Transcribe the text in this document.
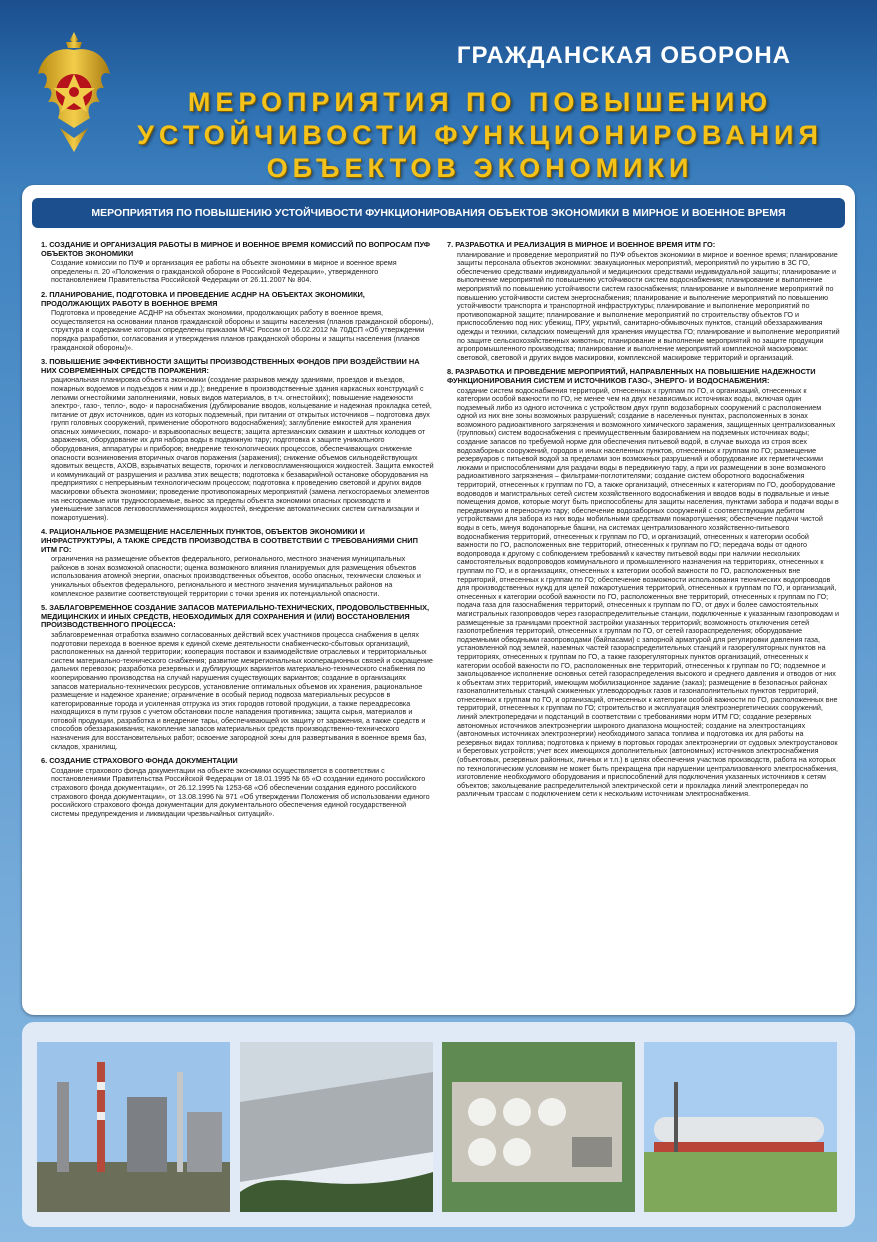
ГРАЖДАНСКАЯ ОБОРОНА
МЕРОПРИЯТИЯ ПО ПОВЫШЕНИЮ
УСТОЙЧИВОСТИ ФУНКЦИОНИРОВАНИЯ
ОБЪЕКТОВ ЭКОНОМИКИ
МЕРОПРИЯТИЯ ПО ПОВЫШЕНИЮ УСТОЙЧИВОСТИ ФУНКЦИОНИРОВАНИЯ ОБЪЕКТОВ ЭКОНОМИКИ В МИРНОЕ И ВОЕННОЕ ВРЕМЯ
1. СОЗДАНИЕ И ОРГАНИЗАЦИЯ РАБОТЫ В МИРНОЕ И ВОЕННОЕ ВРЕМЯ КОМИССИЙ ПО ВОПРОСАМ ПУФ ОБЪЕКТОВ ЭКОНОМИКИ

Создание комиссии по ПУФ и организация ее работы на объекте экономики в мирное и военное время определены п. 20 «Положения о гражданской обороне в Российской Федерации», утвержденного постановлением Правительства Российской Федерации от 26.11.2007 № 804.

2. ПЛАНИРОВАНИЕ, ПОДГОТОВКА И ПРОВЕДЕНИЕ АСДНР НА ОБЪЕКТАХ ЭКОНОМИКИ, ПРОДОЛЖАЮЩИХ РАБОТУ В ВОЕННОЕ ВРЕМЯ

Подготовка и проведение АСДНР на объектах экономики, продолжающих работу в военное время, осуществляется на основании планов гражданской обороны и защиты населения (планов гражданской обороны), структура и содержание которых определены приказом МЧС России от 16.02.2012 № 70ДСП «Об утверждении порядка разработки, согласования и утверждения планов гражданской обороны и защиты населения (планов гражданской обороны)».

3. ПОВЫШЕНИЕ ЭФФЕКТИВНОСТИ ЗАЩИТЫ ПРОИЗВОДСТВЕННЫХ ФОНДОВ ПРИ ВОЗДЕЙСТВИИ НА НИХ СОВРЕМЕННЫХ СРЕДСТВ ПОРАЖЕНИЯ:

рациональная планировка объекта экономики (создание разрывов между зданиями, проездов и въездов, пожарных водоемов и подъездов к ним и др.); внедрение в производственные здания каркасных конструкций с легкими огнестойкими заполнениями, новых видов материалов, в т.ч. огнестойких); повышение надежности электро-, газо-, тепло-, водо- и пароснабжения (дублирование вводов, кольцевание и надежная прокладка сетей, питание от двух источников, один из которых подземный, при питании от открытых источников – подготовка двух групп головных сооружений, применение оборотного водоснабжения); заглубление емкостей для хранения опасных химических, пожаро- и взрывоопасных веществ; защита артезианских скважин и шахтных колодцев от заражения, оборудование их для набора воды в подвижную тару; подготовка к защите уникального оборудования, аппаратуры и приборов; внедрение технологических процессов, обеспечивающих снижение опасности возникновения вторичных очагов поражения (заражения); снижение объемов сильнодействующих ядовитых веществ, АХОВ, взрывчатых веществ, горючих и легковоспламеняющихся жидкостей. Защита емкостей и коммуникаций от разрушения и разлива этих веществ; подготовка к безаварийной остановке оборудования на предприятиях с непрерывным технологическим процессом; подготовка к проведению световой и других видов маскировки объекта экономики; проведение противопожарных мероприятий (замена легкосгораемых элементов на несгораемые или трудносгораемые, вынос за пределы объекта экономики опасных производств и уменьшение запасов легковоспламеняющихся жидкостей, внедрение автоматических систем сигнализации и пожаротушения).

4. РАЦИОНАЛЬНОЕ РАЗМЕЩЕНИЕ НАСЕЛЕННЫХ ПУНКТОВ, ОБЪЕКТОВ ЭКОНОМИКИ И ИНФРАСТРУКТУРЫ, А ТАКЖЕ СРЕДСТВ ПРОИЗВОДСТВА В СООТВЕТСТВИИ С ТРЕБОВАНИЯМИ СНИП ИТМ ГО:

ограничения на размещение объектов федерального, регионального, местного значения муниципальных районов в зонах возможной опасности; оценка возможного влияния планируемых для размещения объектов использования атомной энергии, опасных производственных объектов, особо опасных, технически сложных и уникальных объектов федерального, регионального и местного значения муниципальных районов на комплексное развитие соответствующей территории с точки зрения их потенциальной опасности.

5. ЗАБЛАГОВРЕМЕННОЕ СОЗДАНИЕ ЗАПАСОВ МАТЕРИАЛЬНО-ТЕХНИЧЕСКИХ, ПРОДОВОЛЬСТВЕННЫХ, МЕДИЦИНСКИХ И ИНЫХ СРЕДСТВ, НЕОБХОДИМЫХ ДЛЯ СОХРАНЕНИЯ И (ИЛИ) ВОССТАНОВЛЕНИЯ ПРОИЗВОДСТВЕННОГО ПРОЦЕССА:

заблаговременная отработка взаимно согласованных действий всех участников процесса снабжения в целях подготовки перехода в военное время к единой схеме деятельности снабженческо-сбытовых организаций, расположенных на данной территории; кооперация поставок и взаимодействие отраслевых и территориальных систем материально-технического снабжения; развитие межрегиональных кооперационных связей и сокращение дальних перевозок; разработка резервных и дублирующих вариантов материально-технического снабжения по кооперированию производства на случай нарушения существующих вариантов; создание в организациях запасов материально-технических ресурсов, установление оптимальных объемов их хранения, рациональное размещение и надежное хранение; ограничение в особый период подвоза материальных ресурсов в категорированные города и усиленная отгрузка из этих городов готовой продукции, а также переадресовка находящихся в пути грузов с учетом обстановки после нападения противника; защита сырья, материалов и готовой продукции, разработка и внедрение тары, обеспечивающей их защиту от заражения, а также средств и способов обеззараживания; накопление запасов материальных средств производственно-технического назначения для восстановительных работ; освоение загородной зоны для развертывания в военное время баз, складов, хранилищ.

6. СОЗДАНИЕ СТРАХОВОГО ФОНДА ДОКУМЕНТАЦИИ

Создание страхового фонда документации на объекте экономики осуществляется в соответствии с постановлениями Правительства Российской Федерации от 18.01.1995 № 65 «О создании единого российского страхового фонда документации», от 26.12.1995 № 1253-68 «Об обеспечении создания единого российского страхового фонда документации», от 13.08.1996 № 971 «Об утверждении Положения об использовании единого российского страхового фонда документации для документального обеспечения единой государственной системы предупреждения и ликвидации чрезвычайных ситуаций».

7. РАЗРАБОТКА И РЕАЛИЗАЦИЯ В МИРНОЕ И ВОЕННОЕ ВРЕМЯ ИТМ ГО:

планирование и проведение мероприятий по ПУФ объектов экономики в мирное и военное время; планирование защиты персонала объектов экономики: эвакуационных мероприятий, мероприятий по укрытию в ЗС ГО, обеспечению средствами индивидуальной и медицинских средствами индивидуальной защиты; планирование и выполнение мероприятий по повышению устойчивости систем водоснабжения; планирование и выполнение мероприятий по повышению устойчивости систем газоснабжения; планирование и выполнение мероприятий по повышению устойчивости систем энергоснабжения; планирование и выполнение мероприятий по повышению устойчивости транспорта и транспортной инфраструктуры; планирование и выполнение мероприятий по противопожарной защите; планирование и выполнение мероприятий по строительству объектов ГО и приспособлению под них: убежищ, ПРУ, укрытий, санитарно-обмывочных пунктов, станций обеззараживания одежды и техники, складских помещений для хранения имущества ГО; планирование и выполнение мероприятий по защите сельскохозяйственных животных; планирование и выполнение мероприятий по защите продукции агропромышленного производства; планирование и выполнение мероприятий комплексной маскировки: световой, световой и других видов маскировки, комплексной маскировке территорий и организаций.

8. РАЗРАБОТКА И ПРОВЕДЕНИЕ МЕРОПРИЯТИЙ, НАПРАВЛЕННЫХ НА ПОВЫШЕНИЕ НАДЕЖНОСТИ ФУНКЦИОНИРОВАНИЯ СИСТЕМ И ИСТОЧНИКОВ ГАЗО-, ЭНЕРГО- И ВОДОСНАБЖЕНИЯ:

создание систем водоснабжения территорий, отнесенных к группам по ГО, и организаций, отнесенных к категории особой важности по ГО, не менее чем на двух независимых источниках воды, включая один подземный либо из одного источника с устройством двух групп водозаборных сооружений с расположением одной из них вне зоны возможных разрушений; создание в населенных пунктах, расположенных в зонах возможного радиоактивного загрязнения и возможного химического заражения, защищенных централизованных (групповых) систем водоснабжения с преимущественным базированием на подземных источниках воды; создание запасов по требуемой норме для обеспечения питьевой водой, в случае выхода из строя всех водозаборных сооружений, городов и иных населенных пунктов, отнесенных к группам по ГО; размещение резервуаров с питьевой водой за пределами зон возможных разрушений и оборудование их герметическими люками и приспособлениями для раздачи воды в передвижную тару, а при их размещении в зоне возможного радиоактивного загрязнения – фильтрами-поглотителями; создание систем оборотного водоснабжения территорий, отнесенных к группам по ГО, а также организаций, отнесенных к категориям по ГО, дооборудование водоводов и магистральных сетей систем хозяйственного водоснабжения и вводов воды в подвальные и иные помещения домов, которые могут быть приспособлены для защиты населения, пунктами забора и подачи воды в передвижную и переносную тару; обеспечение водозаборных сооружений с соответствующим дебитом устройствами для забора из них воды мобильными средствами пожаротушения; обеспечение подачи чистой воды в сеть, минуя водонапорные башни, на системах централизованного хозяйственно-питьевого водоснабжения территорий, отнесенных к группам по ГО, и организаций, отнесенных к категории особой важности по ГО, расположенных вне территорий, отнесенных к группам по ГО; передача воды от одного водопровода к другому с соблюдением требований к качеству питьевой воды при наличии нескольких самостоятельных водопроводов коммунального и промышленного назначения на территориях, отнесенных к группам по ГО, и в организациях, отнесенных к категории особой важности по ГО, расположенных вне территорий, отнесенных к группам по ГО; обеспечение возможности использования технических водопроводов для производственных нужд для целей пожаротушения территорий, отнесенных к группам по ГО, и организаций, отнесенных к категории особой важности по ГО, расположенных вне территорий, отнесенных к группам по ГО; подача газа для газоснабжения территорий, отнесенных к группам по ГО, от двух и более самостоятельных магистральных газопроводов через газораспределительные станции, подключенные к указанным газопроводам и размещенные за границами проектной застройки указанных территорий; возможность отключения сетей газопотребления территорий, отнесенных к группам по ГО, от сетей газораспределения; оборудование подземными обводными газопроводами (байпасами) с запорной арматурой для регулировки давления газа, установленной под землей, наземных частей газораспределительных станций и газорегуляторных пунктов на территориях, отнесенных к группам по ГО, а также газорегуляторных пунктов организаций, отнесенных к категории особой важности по ГО, расположенных вне территорий, отнесенных к группам по ГО; подземное и закольцованное исполнение основных сетей газораспределения высокого и среднего давления и отводов от них к объектам этих территорий, имеющим мобилизационное задание (заказ); размещение в безопасных районах газонаполнительных станций сжиженных углеводородных газов и газонаполнительных пунктов территорий, отнесенных к группам по ГО, и организаций, отнесенных к категории особой важности по ГО, расположенных вне территорий, отнесенных к группам по ГО; строительство и эксплуатация электроэнергетических сооружений, линий электропередачи и подстанций в соответствии с требованиями норм ИТМ ГО; создание резервных автономных источников электроэнергии широкого диапазона мощностей; создание на электростанциях (автономных источниках электроэнергии) необходимого запаса топлива и подготовка их для работы на резервных видах топлива; подготовка к приему в портовых городах электроэнергии от судовых электроустановок и береговых устройств; учет всех имеющихся дополнительных (автономных) источников электроснабжения (объектовых, резервных районных, личных и т.п.) в целях обеспечения участков производств, работа на которых по технологическим условиям не может быть прекращена при нарушении централизованного электроснабжения, изготовление необходимого оборудования и приспособлений для подключения указанных источников к сетям объектов; закольцевание распределительной электрической сети и прокладка линий электропередач по различным трассам с подключением сети к нескольким источникам электроснабжения.
